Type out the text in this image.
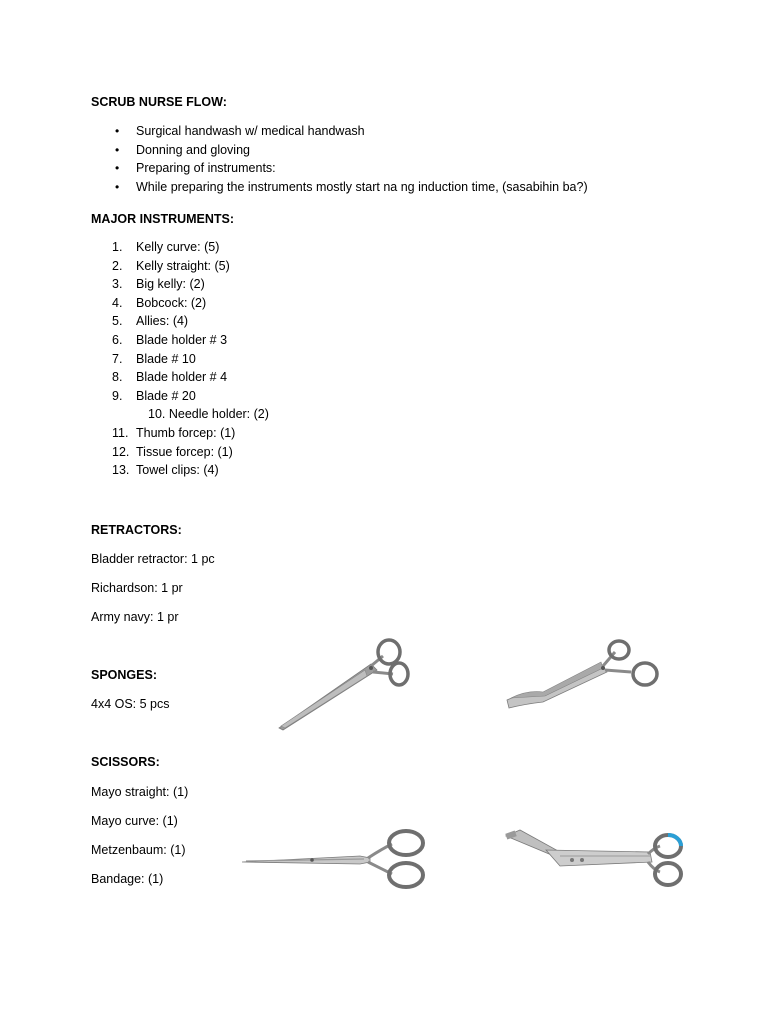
SCRUB NURSE FLOW:
• Surgical handwash w/ medical handwash
• Donning and gloving
• Preparing of instruments:
• While preparing the instruments mostly start na ng induction time, (sasabihin ba?)
MAJOR INSTRUMENTS:
1.	Kelly curve: (5)
2.	Kelly straight: (5)
3.	Big kelly: (2)
4.	Bobcock: (2)
5.	Allies: (4)
6.	Blade holder # 3
7.	Blade # 10
8.	Blade holder # 4
9.	Blade # 20
10. Needle holder: (2)
11. Thumb forcep: (1)
12. Tissue forcep: (1)
13. Towel clips: (4)
RETRACTORS:
Bladder retractor: 1 pc
Richardson: 1 pr
Army navy: 1 pr
SPONGES:
4x4 OS: 5 pcs
SCISSORS:
Mayo straight: (1)
Mayo curve: (1)
Metzenbaum: (1)
Bandage: (1)
